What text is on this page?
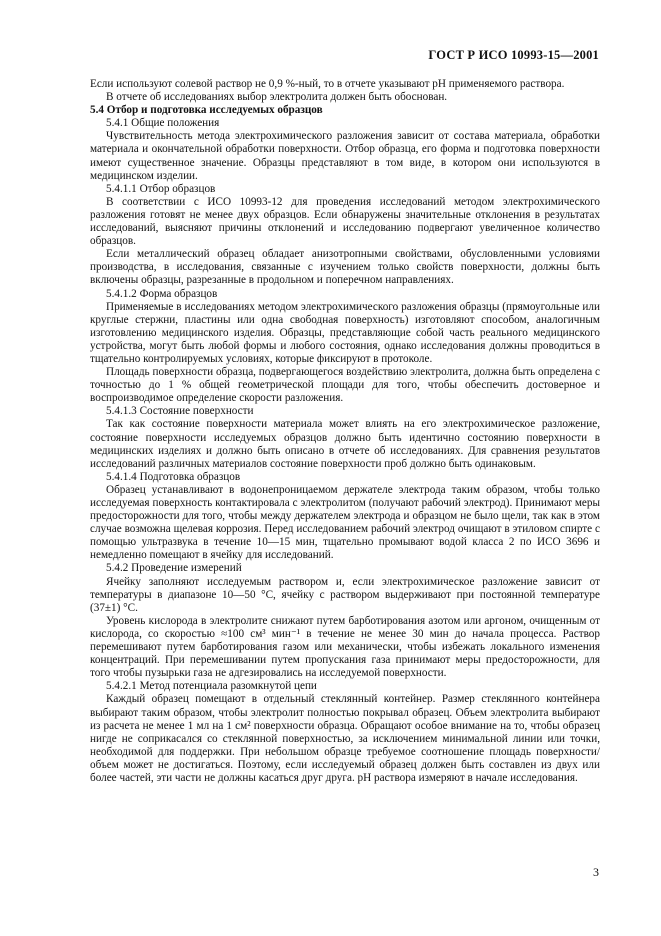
ГОСТ Р ИСО 10993-15—2001

Если используют солевой раствор не 0,9 %-ный, то в отчете указывают pH применяемого раствора.

В отчете об исследованиях выбор электролита должен быть обоснован.

5.4 Отбор и подготовка исследуемых образцов

5.4.1 Общие положения

Чувствительность метода электрохимического разложения зависит от состава материала, обработки материала и окончательной обработки поверхности. Отбор образца, его форма и подготовка поверхности имеют существенное значение. Образцы представляют в том виде, в котором они используются в медицинском изделии.

5.4.1.1 Отбор образцов

В соответствии с ИСО 10993-12 для проведения исследований методом электрохимического разложения готовят не менее двух образцов. Если обнаружены значительные отклонения в результатах исследований, выясняют причины отклонений и исследованию подвергают увеличенное количество образцов.

Если металлический образец обладает анизотропными свойствами, обусловленными условиями производства, в исследования, связанные с изучением только свойств поверхности, должны быть включены образцы, разрезанные в продольном и поперечном направлениях.

5.4.1.2 Форма образцов

Применяемые в исследованиях методом электрохимического разложения образцы (прямоугольные или круглые стержни, пластины или одна свободная поверхность) изготовляют способом, аналогичным изготовлению медицинского изделия. Образцы, представляющие собой часть реального медицинского устройства, могут быть любой формы и любого состояния, однако исследования должны проводиться в тщательно контролируемых условиях, которые фиксируют в протоколе.

Площадь поверхности образца, подвергающегося воздействию электролита, должна быть определена с точностью до 1 % общей геометрической площади для того, чтобы обеспечить достоверное и воспроизводимое определение скорости разложения.

5.4.1.3 Состояние поверхности

Так как состояние поверхности материала может влиять на его электрохимическое разложение, состояние поверхности исследуемых образцов должно быть идентично состоянию поверхности в медицинских изделиях и должно быть описано в отчете об исследованиях. Для сравнения результатов исследований различных материалов состояние поверхности проб должно быть одинаковым.

5.4.1.4 Подготовка образцов

Образец устанавливают в водонепроницаемом держателе электрода таким образом, чтобы только исследуемая поверхность контактировала с электролитом (получают рабочий электрод). Принимают меры предосторожности для того, чтобы между держателем электрода и образцом не было щели, так как в этом случае возможна щелевая коррозия. Перед исследованием рабочий электрод очищают в этиловом спирте с помощью ультразвука в течение 10—15 мин, тщательно промывают водой класса 2 по ИСО 3696 и немедленно помещают в ячейку для исследований.

5.4.2 Проведение измерений

Ячейку заполняют исследуемым раствором и, если электрохимическое разложение зависит от температуры в диапазоне 10—50 °С, ячейку с раствором выдерживают при постоянной температуре (37±1) °С.

Уровень кислорода в электролите снижают путем барботирования азотом или аргоном, очищенным от кислорода, со скоростью ≈100 см³ мин⁻¹ в течение не менее 30 мин до начала процесса. Раствор перемешивают путем барботирования газом или механически, чтобы избежать локального изменения концентраций. При перемешивании путем пропускания газа принимают меры предосторожности, для того чтобы пузырьки газа не адгезировались на исследуемой поверхности.

5.4.2.1 Метод потенциала разомкнутой цепи

Каждый образец помещают в отдельный стеклянный контейнер. Размер стеклянного контейнера выбирают таким образом, чтобы электролит полностью покрывал образец. Объем электролита выбирают из расчета не менее 1 мл на 1 см² поверхности образца. Обращают особое внимание на то, чтобы образец нигде не соприкасался со стеклянной поверхностью, за исключением минимальной линии или точки, необходимой для поддержки. При небольшом образце требуемое соотношение площадь поверхности/объем может не достигаться. Поэтому, если исследуемый образец должен быть составлен из двух или более частей, эти части не должны касаться друг друга. pH раствора измеряют в начале исследования.

3
